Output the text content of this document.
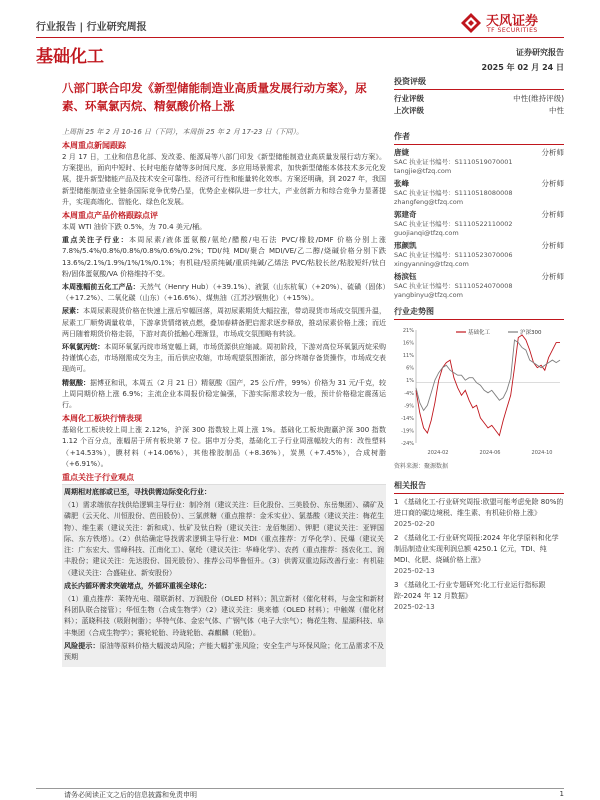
行业报告 | 行业研究周报	天风证券
TF SECURITIES
基础化工	证券研究报告
2025 年 02 月 24 日
八部门联合印发《新型储能制造业高质量发展行动方案》，尿素、环氧氯丙烷、精氨酸价格上涨
上周指 25 年 2 月 10-16 日（下同），本周指 25 年 2 月 17-23 日（下同）。
本周重点新闻跟踪
2 月 17 日，工业和信息化部、发改委、能源局等八部门印发《新型储能制造业高质量发展行动方案》。方案提出，面向中短时、长时电能存储等多时间尺度、多应用场景需求，加快新型储能本体技术多元化发展，提升新型储能产品及技术安全可靠性、经济可行性和能量转化效率。方案还明确，到 2027 年，我国新型储能制造业全链条国际竞争优势凸显，优势企业梯队进一步壮大，产业创新力和综合竞争力显著提升，实现高端化、智能化、绿色化发展。
本周重点产品价格跟踪点评
本周 WTI 油价下跌 0.5%，为 70.4 美元/桶。
重点关注子行业：本周尿素/液体蛋氨酸/氨纶/醋酸/电石法 PVC/橡胶/DMF 价格分别上涨 7.8%/5.4%/0.8%/0.8%/0.8%/0.6%/0.2%；TDI/纯 MDI/聚合 MDI/VE/乙二醇/烧碱价格分别下跌 13.6%/2.1%/1.9%/1%/1%/0.1%；有机硅/轻质纯碱/重质纯碱/乙烯法 PVC/粘胶长丝/粘胶短纤/钛白粉/固体蛋氨酸/VA 价格维持不变。
本周涨幅前五化工产品：天然气（Henry Hub）（+39.1%）、液氯（山东杭氧）（+20%）、硫磺（固体）（+17.2%）、二氧化碳（山东）（+16.6%）、煤焦油（江苏沙钢焦化）（+15%）。
尿素：本周尿素现货价格在快速上涨后窄幅回落，周初尿素期货大幅拉涨，带动现货市场成交氛围升温，尿素工厂顺势调量收单，下游拿货情绪被点燃，叠加春耕备肥启需求逐步释放，推动尿素价格上涨；而近两日随着期货价格走弱，下游对高价抵触心理渐显，市场成交氛围略有转淡。
环氧氯丙烷：本周环氧氯丙烷市场宽幅上调，市场货源供应缩减。周初阶段，下游对高位环氧氯丙烷采购持谨慎心态，市场刚需成交为主，而后供应收缩，市场观望氛围渐浓，部分终端存备货操作，市场成交表现尚可。
精氨酸：据博亚和讯，本周五（2 月 21 日）精氨酸（国产，25 公斤/件，99%）价格为 31 元/千克，较上周同期价格上涨 6.9%；主流企业本周报价稳定偏强，下游实际需求较为一般，预计价格稳定震荡运行。
本周化工板块行情表现
基础化工板块较上周上涨 2.12%，沪深 300 指数较上周上涨 1%。基础化工板块跑赢沪深 300 指数 1.12 个百分点，涨幅居于所有板块第 7 位。据申万分类，基础化工子行业周涨幅较大的有：改性塑料（+14.53%），膜材料（+14.06%），其他橡胶制品（+8.36%），炭黑（+7.45%），合成树脂（+6.91%）。
重点关注子行业观点
周期相对底部或已至，寻找供需边际变化行业：
（1）需求端依存找供给逻辑主导行业：制冷剂（建议关注：巨化股份、三美股份、东岳集团）、磷矿及磷肥（云天化、川恒股份、芭田股份）、三氯蔗糖（重点推荐：金禾实业）、氯基酸（建议关注：梅花生物）、维生素（建议关注：新和成）、钛矿及钛白粉（建议关注：龙佰集团）、钾肥（建议关注：亚钾国际、东方铁塔）。（2）供给确定导找需求逻辑主导行业：MDI（重点推荐：万华化学）、民爆（建议关注：广东宏大、雪峰科技、江南化工）、氨纶（建议关注：华峰化学）、农药（重点推荐：扬农化工、润丰股份；建议关注：先达股份、国光股份）、推荐公司华鲁恒升。（3）供需双重边际改善行业：有机硅（建议关注：合盛硅业、新安股份）
成长内循环需求突破堵点，外循环重视全球化：
（1）重点推荐：莱特光电、瑞联新材、万润股份（OLED 材料）；凯立新材（催化材料，与金宝和新材科团队联合接管）；华恒生物（合成生物学）（2）建议关注：奥来德（OLED 材料）；中触媒（催化材料）；蓝晓科技（吸附树脂）；华特气体、金宏气体、广钢气体（电子大宗气）；梅花生物、星湖科技、阜丰集团（合成生物学）；赛轮轮胎、玲珑轮胎、森麒麟（轮胎）。
风险提示：原油等原料价格大幅波动风险；产能大幅扩张风险；安全生产与环保风险；化工品需求不及预期
投资评级
行业评级	中性(维持评级)
上次评级	中性
作者
唐婕	分析师
SAC 执业证书编号：S1110519070001
tangjie@tfzq.com
张峰	分析师
SAC 执业证书编号：S1110518080008
zhangfeng@tfzq.com
郭建奇	分析师
SAC 执业证书编号：S1110522110002
guojianqi@tfzq.com
邢颜凯	分析师
SAC 执业证书编号：S1110523070006
xingyanning@tfzq.com
杨滨钰	分析师
SAC 执业证书编号：S1110524070008
yangbinyu@tfzq.com
行业走势图
21%
16%
11%
6%
1%
-4%
-9%
-14%
-19%
-24%
2024-02	2024-06	2024-10
基础化工	沪深300
资料来源：聚源数据
相关报告
1 《基础化工-行业研究周报:欧盟可能考虑免除 80%的进口商的碳边境税、维生素、有机硅价格上涨》
2025-02-20
2 《基础化工-行业研究周报:2024 年化学原料和化学制品制造业实现利润总额 4250.1 亿元，TDI、纯 MDI、化肥、烧碱价格上涨》
2025-02-13
3 《基础化工-行业专题研究:化工行业运行指标跟踪-2024 年 12 月数据》
2025-02-13
请务必阅读正文之后的信息披露和免责申明	1
